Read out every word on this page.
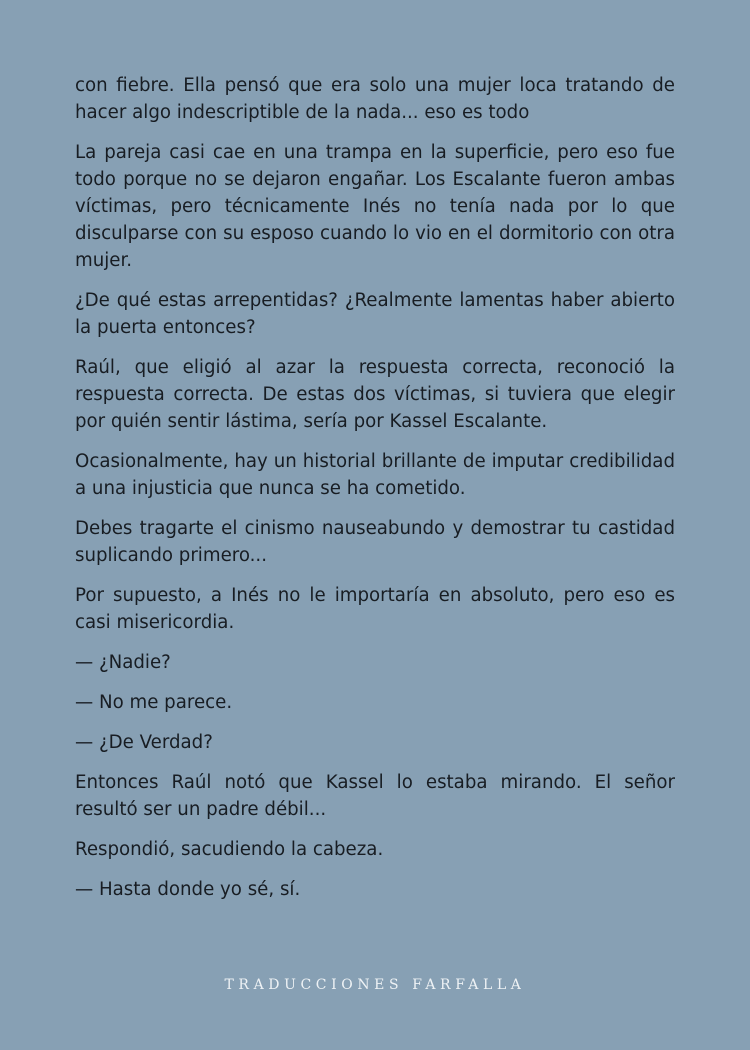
con fiebre. Ella pensó que era solo una mujer loca tratando de hacer algo indescriptible de la nada... eso es todo

La pareja casi cae en una trampa en la superficie, pero eso fue todo porque no se dejaron engañar. Los Escalante fueron ambas víctimas, pero técnicamente Inés no tenía nada por lo que disculparse con su esposo cuando lo vio en el dormitorio con otra mujer.

¿De qué estas arrepentidas? ¿Realmente lamentas haber abierto la puerta entonces?

Raúl, que eligió al azar la respuesta correcta, reconoció la respuesta correcta. De estas dos víctimas, si tuviera que elegir por quién sentir lástima, sería por Kassel Escalante.

Ocasionalmente, hay un historial brillante de imputar credibilidad a una injusticia que nunca se ha cometido.

Debes tragarte el cinismo nauseabundo y demostrar tu castidad suplicando primero...

Por supuesto, a Inés no le importaría en absoluto, pero eso es casi misericordia.

— ¿Nadie?

— No me parece.

— ¿De Verdad?

Entonces Raúl notó que Kassel lo estaba mirando. El señor resultó ser un padre débil...

Respondió, sacudiendo la cabeza.

— Hasta donde yo sé, sí.

TRADUCCIONES FARFALLA
